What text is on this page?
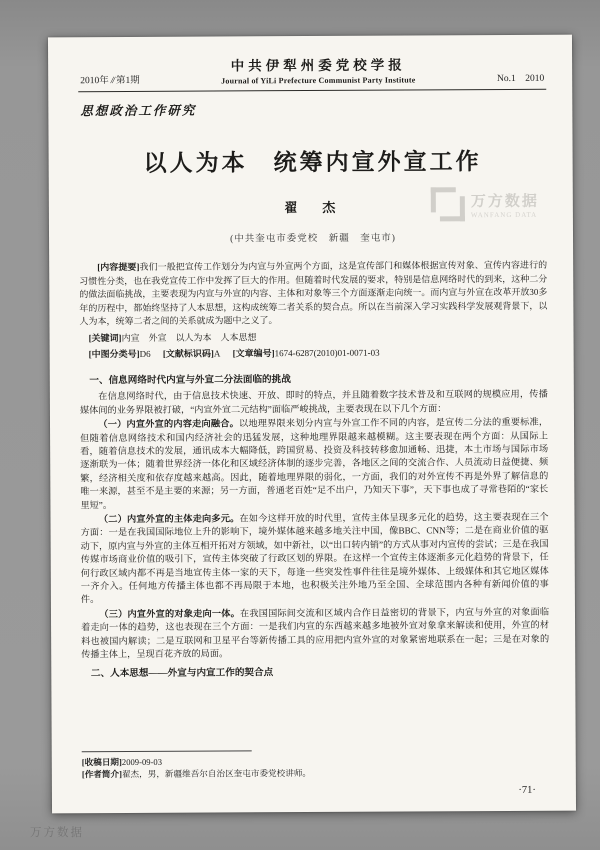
2010年 // 第1期
中共伊犁州委党校学报
Journal of YiLi Prefecture Communist Party Institute	No.1　2010
思想政治工作研究
以人为本　统筹内宣外宣工作
翟　杰
(中共奎屯市委党校　新疆　奎屯市)
万方数据
WANFANG DATA

[内容提要]我们一般把宣传工作划分为内宣与外宣两个方面，这是宣传部门和媒体根据宣传对象、宣传内容进行的习惯性分类，也在我党宣传工作中发挥了巨大的作用。但随着时代发展的要求，特别是信息网络时代的到来，这种二分的做法面临挑战，主要表现为内宣与外宣的内容、主体和对象等三个方面逐渐走向统一。而内宣与外宣在改革开放30多年的历程中，都始终坚持了人本思想，这构成统筹二者关系的契合点。所以在当前深入学习实践科学发展观背景下，以人为本，统筹二者之间的关系就成为题中之义了。

[关键词]内宣　外宣　以人为本　人本思想
[中图分类号]D6 [文献标识码]A [文章编号]1674-6287(2010)01-0071-03
一、信息网络时代内宣与外宣二分法面临的挑战

在信息网络时代，由于信息技术快速、开放、即时的特点，并且随着数字技术普及和互联网的规模应用，传播媒体间的业务界限被打破，“内宣外宣二元结构”面临严峻挑战，主要表现在以下几个方面：

（一）内宣外宣的内容走向融合。以地理界限来划分内宣与外宣工作不同的内容，是宣传二分法的重要标准，但随着信息网络技术和国内经济社会的迅猛发展，这种地理界限越来越模糊。这主要表现在两个方面：从国际上看，随着信息技术的发展，通讯成本大幅降低，跨国贸易、投资及科技转移愈加通畅、迅捷，本土市场与国际市场逐渐联为一体；随着世界经济一体化和区域经济体制的逐步完善，各地区之间的交流合作、人员流动日益便捷、频繁，经济相关度和依存度越来越高。因此，随着地理界限的弱化，一方面，我们的对外宣传不再是外界了解信息的唯一来源，甚至不是主要的来源；另一方面，普通老百姓“足不出户，乃知天下事”，天下事也成了寻常巷陌的“家长里短”。

（二）内宣外宣的主体走向多元。在如今这样开放的时代里，宣传主体呈现多元化的趋势，这主要表现在三个方面：一是在我国国际地位上升的影响下，境外媒体越来越多地关注中国，像BBC、CNN等；二是在商业价值的驱动下，原内宣与外宣的主体互相开拓对方领域，如中新社，以“出口转内销”的方式从事对内宣传的尝试；三是在我国传媒市场商业价值的吸引下，宣传主体突破了行政区划的界限。在这样一个宣传主体逐渐多元化趋势的背景下，任何行政区域内都不再是当地宣传主体一家的天下，每逢一些突发性事件往往是境外媒体、上级媒体和其它地区媒体一齐介入。任何地方传播主体也都不再局限于本地，也积极关注外地乃至全国、全球范围内各种有新闻价值的事件。

（三）内宣外宣的对象走向一体。在我国国际间交流和区域内合作日益密切的背景下，内宣与外宣的对象面临着走向一体的趋势，这也表现在三个方面：一是我们内宣的东西越来越多地被外宣对象拿来解读和使用，外宣的材料也被国内解读；二是互联网和卫星平台等新传播工具的应用把内宣外宣的对象紧密地联系在一起；三是在对象的传播主体上，呈现百花齐放的局面。

二、人本思想——外宣与内宣工作的契合点

[收稿日期]2009-09-03

[作者简介]翟杰，男，新疆维吾尔自治区奎屯市委党校讲师。

·71·
万方数据
